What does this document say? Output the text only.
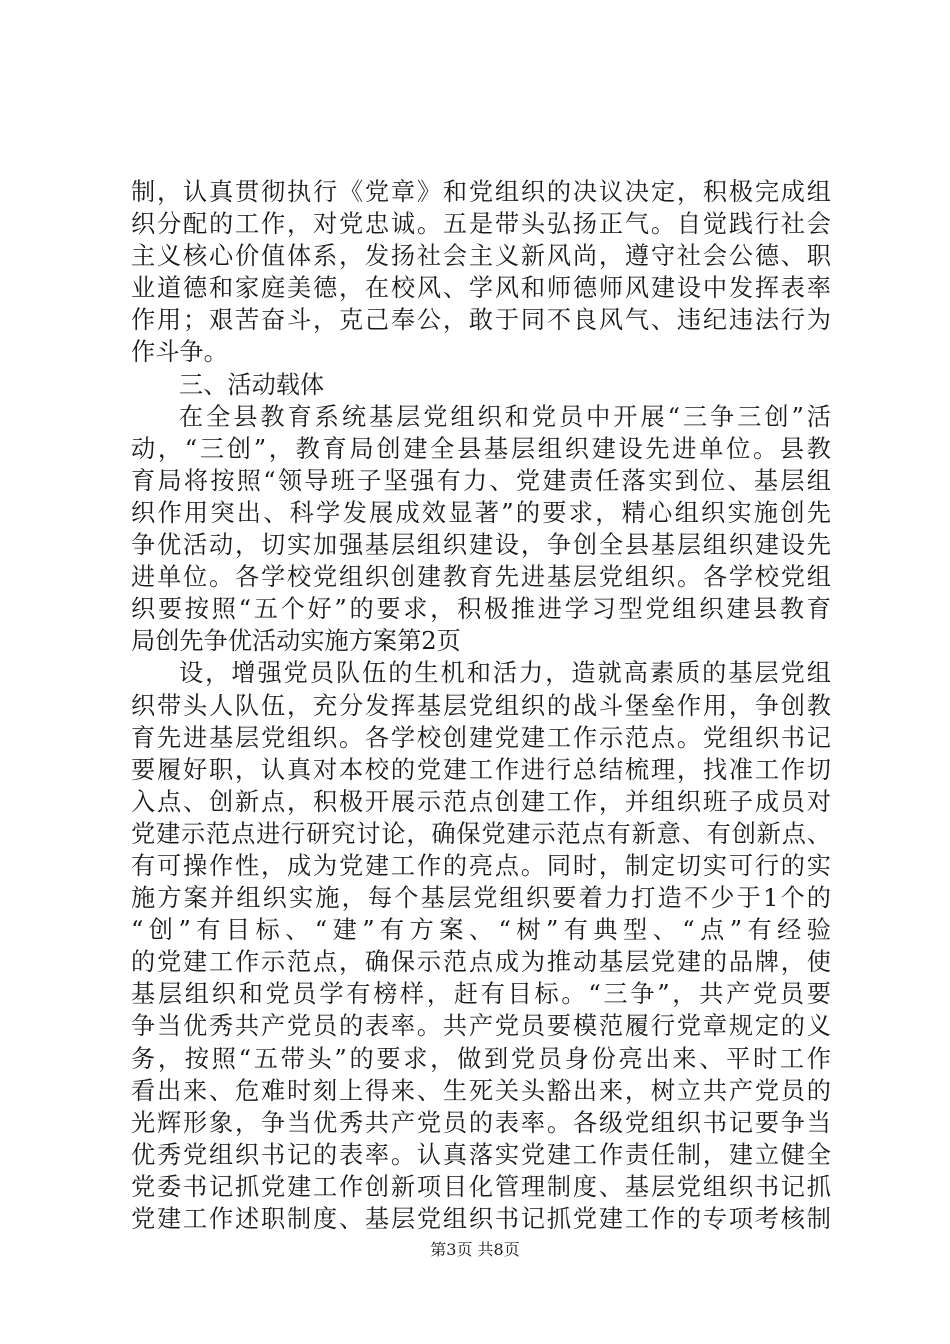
制，认真贯彻执行《党章》和党组织的决议决定，积极完成组
织分配的工作，对党忠诚。五是带头弘扬正气。自觉践行社会
主义核心价值体系，发扬社会主义新风尚，遵守社会公德、职
业道德和家庭美德，在校风、学风和师德师风建设中发挥表率
作用；艰苦奋斗，克己奉公，敢于同不良风气、违纪违法行为
作斗争。
三、活动载体
在全县教育系统基层党组织和党员中开展“三争三创”活
动，“三创”，教育局创建全县基层组织建设先进单位。县教
育局将按照“领导班子坚强有力、党建责任落实到位、基层组
织作用突出、科学发展成效显著”的要求，精心组织实施创先
争优活动，切实加强基层组织建设，争创全县基层组织建设先
进单位。各学校党组织创建教育先进基层党组织。各学校党组
织要按照“五个好”的要求，积极推进学习型党组织建县教育
局创先争优活动实施方案第2页
设，增强党员队伍的生机和活力，造就高素质的基层党组
织带头人队伍，充分发挥基层党组织的战斗堡垒作用，争创教
育先进基层党组织。各学校创建党建工作示范点。党组织书记
要履好职，认真对本校的党建工作进行总结梳理，找准工作切
入点、创新点，积极开展示范点创建工作，并组织班子成员对
党建示范点进行研究讨论，确保党建示范点有新意、有创新点、
有可操作性，成为党建工作的亮点。同时，制定切实可行的实
施方案并组织实施，每个基层党组织要着力打造不少于1个的
“创”有目标、“建”有方案、“树”有典型、“点”有经验
的党建工作示范点，确保示范点成为推动基层党建的品牌，使
基层组织和党员学有榜样，赶有目标。“三争”，共产党员要
争当优秀共产党员的表率。共产党员要模范履行党章规定的义
务，按照“五带头”的要求，做到党员身份亮出来、平时工作
看出来、危难时刻上得来、生死关头豁出来，树立共产党员的
光辉形象，争当优秀共产党员的表率。各级党组织书记要争当
优秀党组织书记的表率。认真落实党建工作责任制，建立健全
党委书记抓党建工作创新项目化管理制度、基层党组织书记抓
党建工作述职制度、基层党组织书记抓党建工作的专项考核制
第3页 共8页
